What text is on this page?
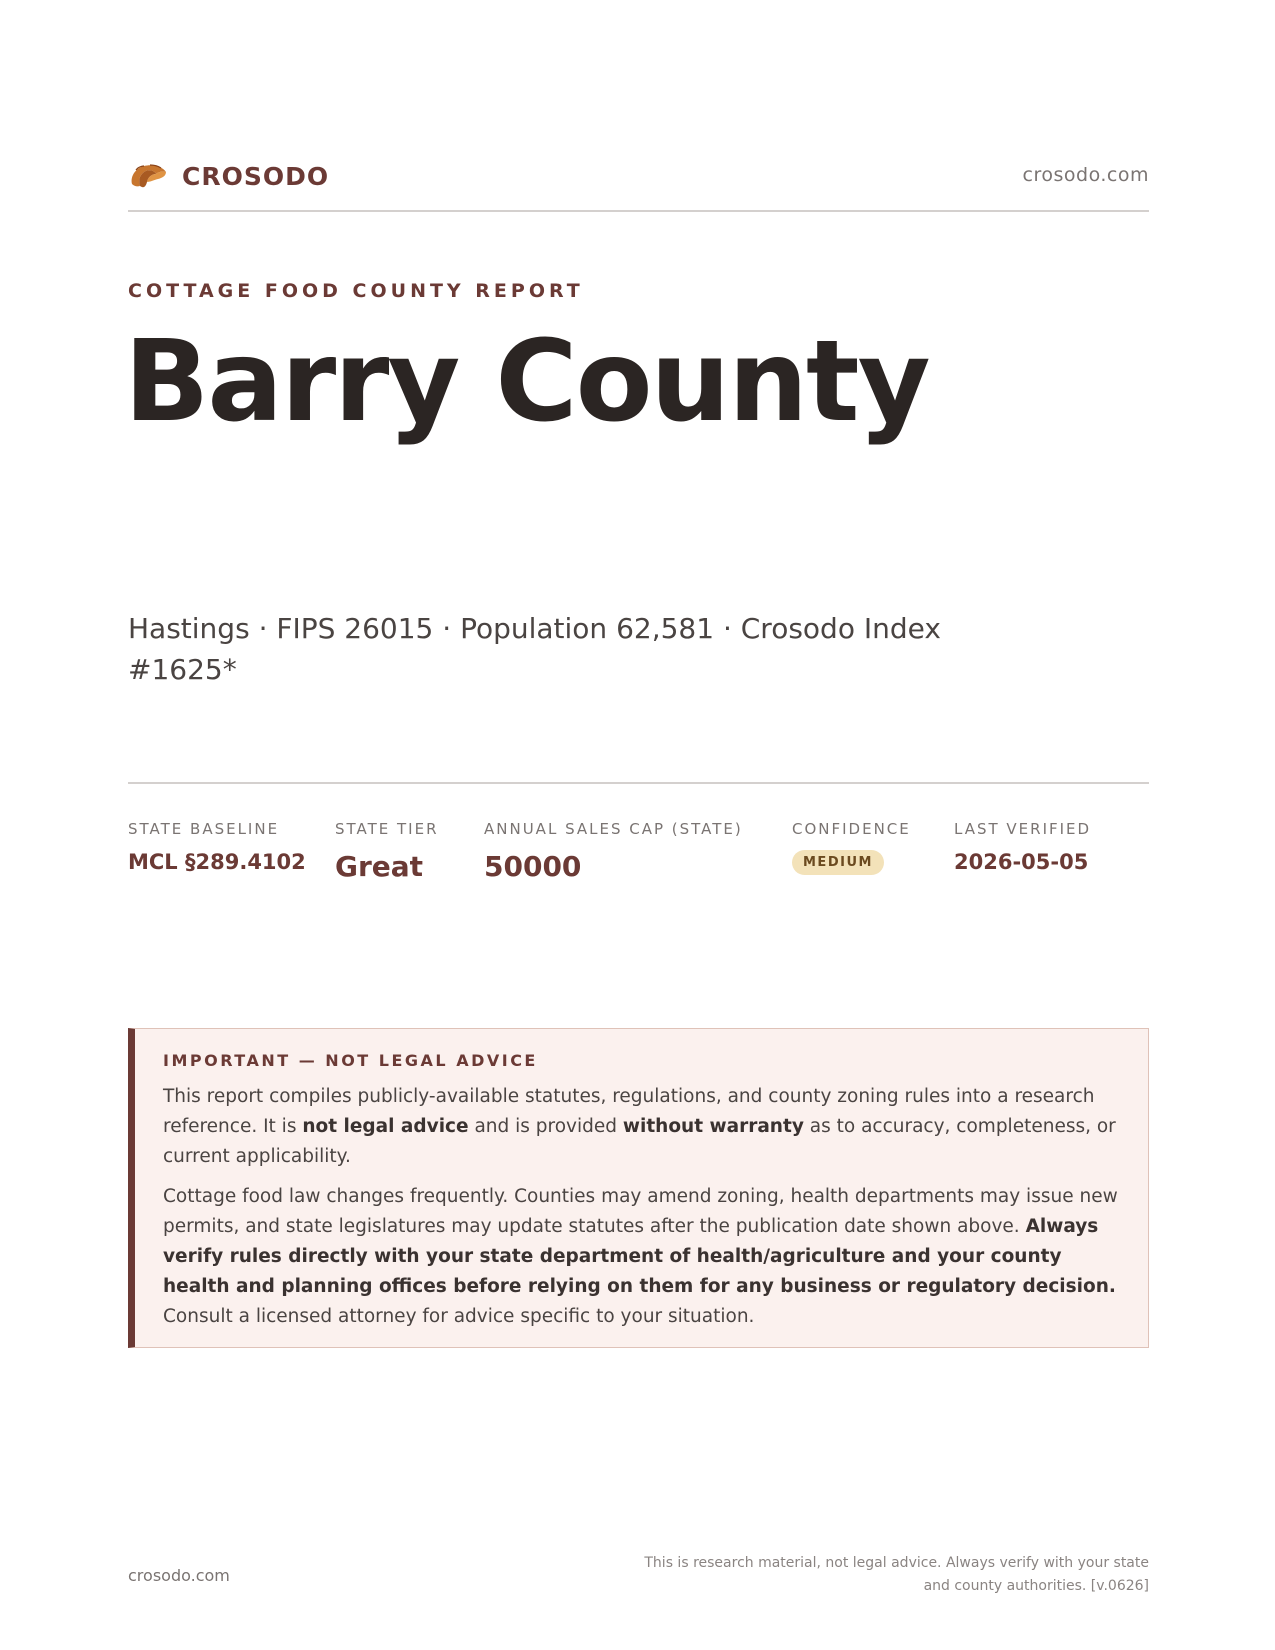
CROSODO	crosodo.com
COTTAGE FOOD COUNTY REPORT
Barry County
Hastings · FIPS 26015 · Population 62,581 · Crosodo Index #1625*
STATE BASELINE
MCL §289.4102
STATE TIER
Great
ANNUAL SALES CAP (STATE)
50000
CONFIDENCE
MEDIUM
LAST VERIFIED
2026-05-05
IMPORTANT — NOT LEGAL ADVICE

This report compiles publicly-available statutes, regulations, and county zoning rules into a research reference. It is not legal advice and is provided without warranty as to accuracy, completeness, or current applicability.

Cottage food law changes frequently. Counties may amend zoning, health departments may issue new permits, and state legislatures may update statutes after the publication date shown above. Always verify rules directly with your state department of health/agriculture and your county health and planning offices before relying on them for any business or regulatory decision. Consult a licensed attorney for advice specific to your situation.

crosodo.com
This is research material, not legal advice. Always verify with your state and county authorities. [v.0626]
